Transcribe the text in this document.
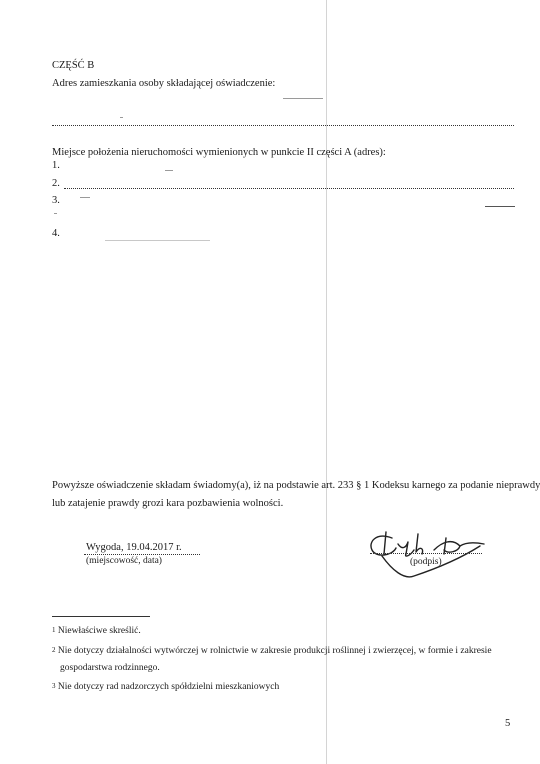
CZĘŚĆ B
Adres zamieszkania osoby składającej oświadczenie:
Miejsce położenia nieruchomości wymienionych w punkcie II części A (adres):
1.
2.
3.
4.
Powyższe oświadczenie składam świadomy(a), iż na podstawie art. 233 § 1 Kodeksu karnego za podanie nieprawdy
lub zatajenie prawdy grozi kara pozbawienia wolności.
Wygoda, 19.04.2017 r.
(miejscowość, data)	(podpis)
$^1$ Niewłaściwe skreślić.
$^2$ Nie dotyczy działalności wytwórczej w rolnictwie w zakresie produkcji roślinnej i zwierzęcej, w formie i zakresie
gospodarstwa rodzinnego.
$^3$ Nie dotyczy rad nadzorczych spółdzielni mieszkaniowych
5
